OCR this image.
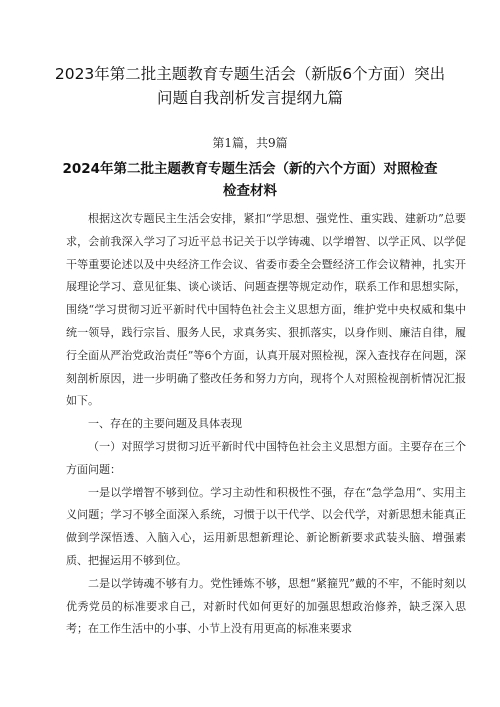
2023年第二批主题教育专题生活会（新版6个方面）突出问题自我剖析发言提纲九篇
第1篇，共9篇
2024年第二批主题教育专题生活会（新的六个方面）对照检查检查材料

根据这次专题民主生活会安排，紧扣“学思想、强党性、重实践、建新功”总要求，会前我深入学习了习近平总书记关于以学铸魂、以学增智、以学正风、以学促干等重要论述以及中央经济工作会议、省委市委全会暨经济工作会议精神，扎实开展理论学习、意见征集、谈心谈话、问题查摆等规定动作，联系工作和思想实际，围绕“学习贯彻习近平新时代中国特色社会主义思想方面，维护党中央权威和集中统一领导，践行宗旨、服务人民，求真务实、狠抓落实，以身作则、廉洁自律，履行全面从严治党政治责任”等6个方面，认真开展对照检视，深入查找存在问题，深刻剖析原因，进一步明确了整改任务和努力方向，现将个人对照检视剖析情况汇报如下。

一、存在的主要问题及具体表现

（一）对照学习贯彻习近平新时代中国特色社会主义思想方面。主要存在三个方面问题：

一是以学增智不够到位。学习主动性和积极性不强，存在“急学急用“、实用主义问题；学习不够全面深入系统，习惯于以干代学、以会代学，对新思想未能真正做到学深悟透、入脑入心，运用新思想新理论、新论断新要求武装头脑、增强素质、把握运用不够到位。

二是以学铸魂不够有力。党性锤炼不够，思想“紧箍咒”戴的不牢，不能时刻以优秀党员的标准要求自己，对新时代如何更好的加强思想政治修养，缺乏深入思考；在工作生活中的小事、小节上没有用更高的标准来要求
